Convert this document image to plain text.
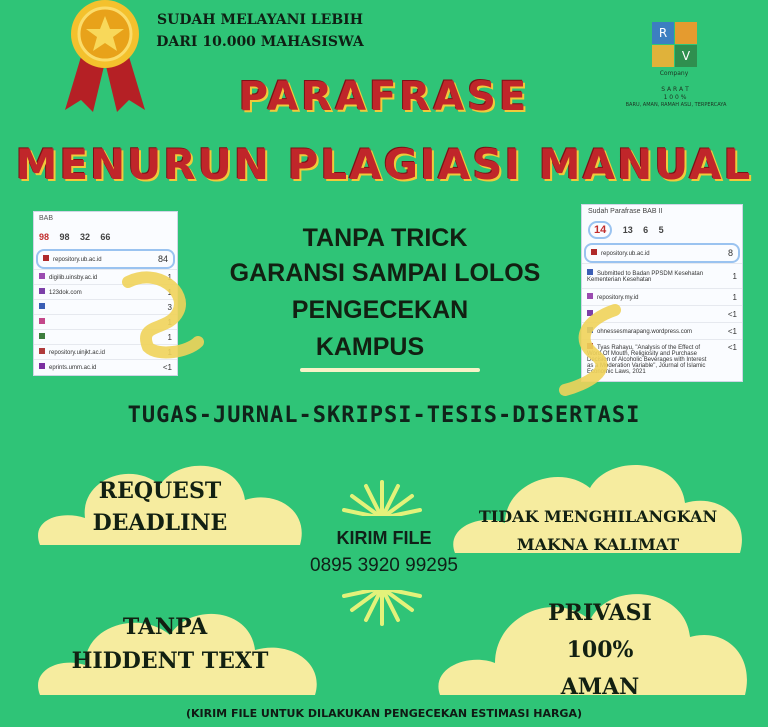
SUDAH MELAYANI LEBIH
DARI 10.000 MAHASISWA
R
V
Company
S A R A T
1 0 0 %
BARU, AMAN, RAMAH ASLI, TERPERCAYA
PARAFRASE
MENURUN PLAGIASI MANUAL
BAB
98 98 32 66
repository.ub.ac.id	84
digilib.uinsby.ac.id	1
123dok.com	1
3
1
1
repository.uinjkt.ac.id	1
eprints.umm.ac.id	<1
Sudah Parafrase BAB II
14 13 6 5
repository.ub.ac.id	8
Submitted to Badan PPSDM Kesehatan Kementerian Kesehatan	1
repository.my.id	1
<1
ohnessesmarapang.wordpress.com	<1
Tyas Rahayu, "Analysis of the Effect of Word Of Mouth, Religiosity and Purchase Decision of Alcoholic Beverages with Interest as a Moderation Variable", Journal of Islamic Economic Laws, 2021
<1
TANPA TRICK
GARANSI SAMPAI LOLOS
PENGECEKAN
KAMPUS
TUGAS-JURNAL-SKRIPSI-TESIS-DISERTASI
REQUEST
DEADLINE	TIDAK MENGHILANGKAN
MAKNA KALIMAT
TANPA
HIDDENT TEXT
PRIVASI
100%
AMAN
KIRIM FILE
0895 3920 99295
(KIRIM FILE UNTUK DILAKUKAN PENGECEKAN ESTIMASI HARGA)
